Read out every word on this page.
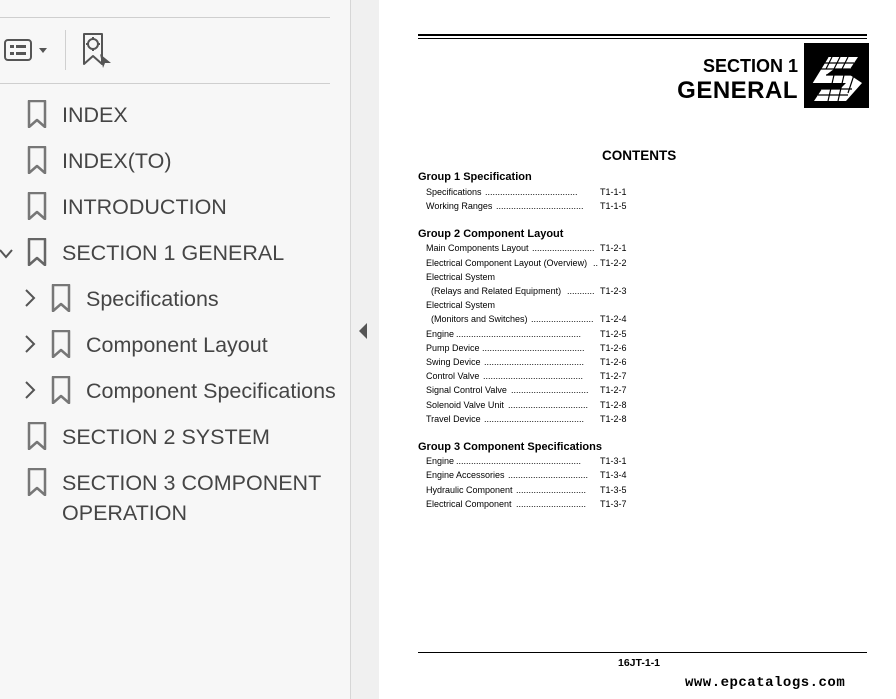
INDEX
INDEX(TO)
INTRODUCTION
SECTION 1 GENERAL
Specifications
Component Layout
Component Specifications
SECTION 2 SYSTEM
SECTION 3 COMPONENT
OPERATION
SECTION 1
GENERAL
CONTENTS
Group 1 Specification
Specifications ..................................... T1-1-1
Working Ranges ................................... T1-1-5
Group 2 Component Layout
Main Components Layout ......................... T1-2-1
Electrical Component Layout (Overview) .. T1-2-2
Electrical System
(Relays and Related Equipment) ........... T1-2-3
Electrical System
(Monitors and Switches) ......................... T1-2-4
Engine .................................................. T1-2-5
Pump Device ......................................... T1-2-6
Swing Device ........................................ T1-2-6
Control Valve ........................................ T1-2-7
Signal Control Valve ............................... T1-2-7
Solenoid Valve Unit ................................ T1-2-8
Travel Device ........................................ T1-2-8
Group 3 Component Specifications
Engine .................................................. T1-3-1
Engine Accessories ................................ T1-3-4
Hydraulic Component ............................ T1-3-5
Electrical Component ............................ T1-3-7
16JT-1-1
www.epcatalogs.com
